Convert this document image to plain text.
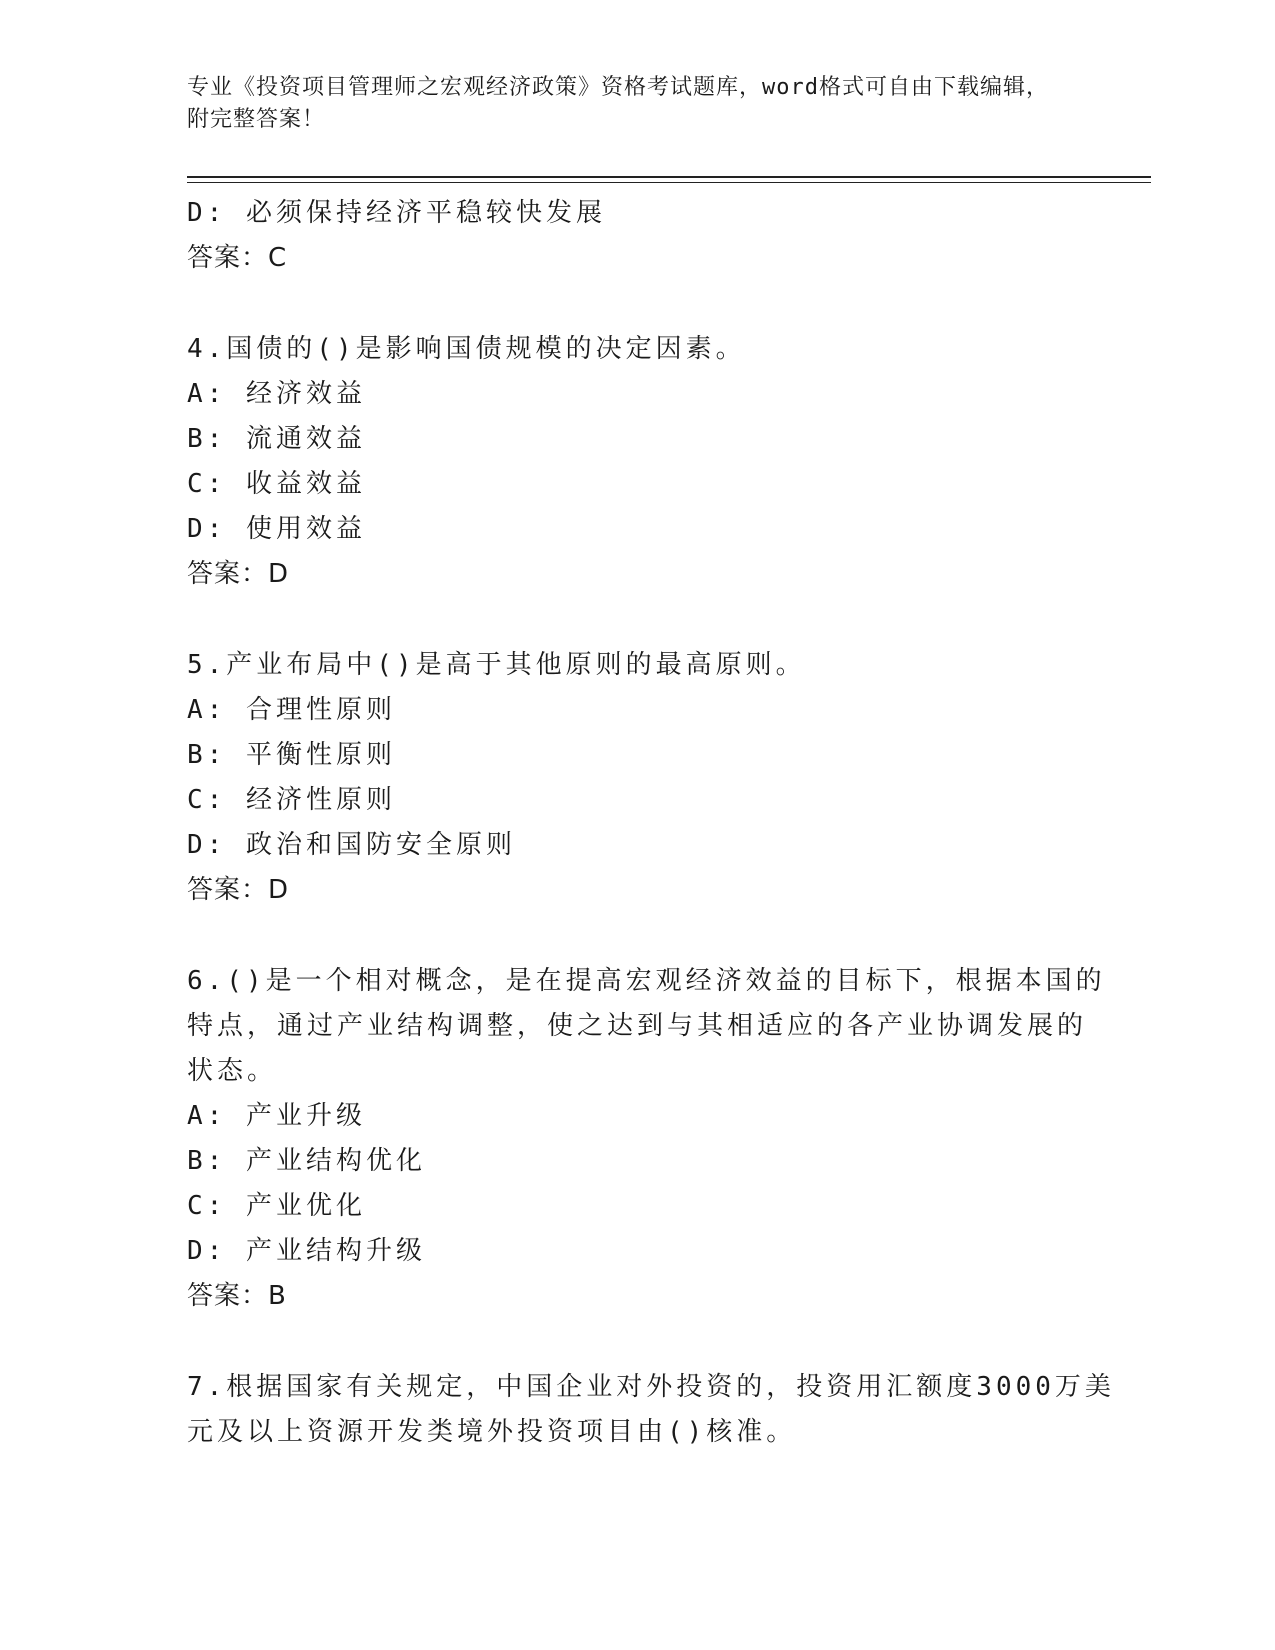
专业《投资项目管理师之宏观经济政策》资格考试题库，word格式可自由下载编辑，附完整答案！
D: 必须保持经济平稳较快发展
答案：C
4.国债的()是影响国债规模的决定因素。
A: 经济效益
B: 流通效益
C: 收益效益
D: 使用效益
答案：D
5.产业布局中()是高于其他原则的最高原则。
A: 合理性原则
B: 平衡性原则
C: 经济性原则
D: 政治和国防安全原则
答案：D
6.()是一个相对概念，是在提高宏观经济效益的目标下，根据本国的
特点，通过产业结构调整，使之达到与其相适应的各产业协调发展的
状态。
A: 产业升级
B: 产业结构优化
C: 产业优化
D: 产业结构升级
答案：B
7.根据国家有关规定，中国企业对外投资的，投资用汇额度3000万美
元及以上资源开发类境外投资项目由()核准。
